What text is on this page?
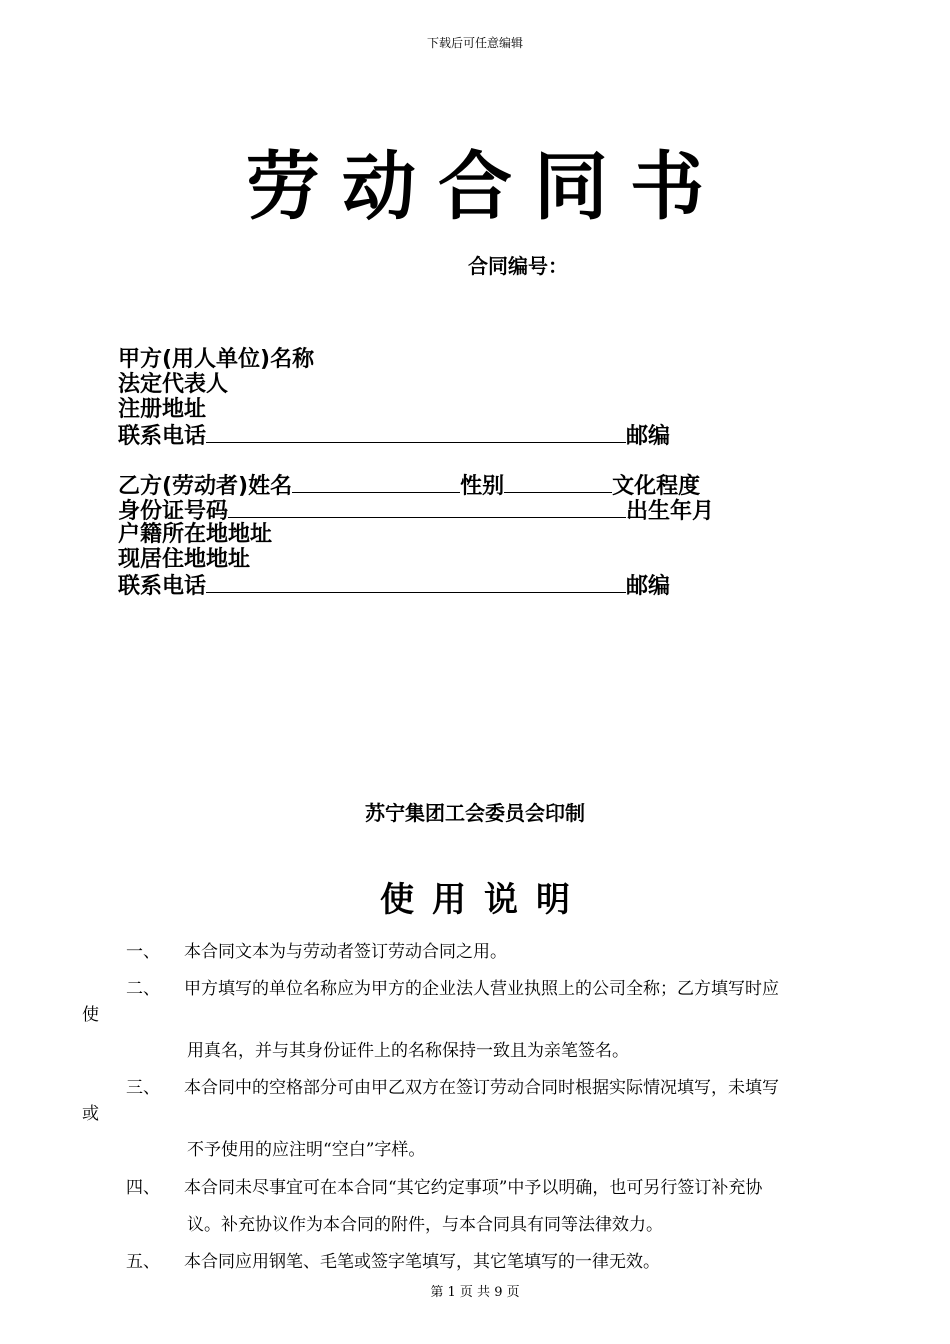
下载后可任意编辑
劳动合同书
合同编号：
甲方(用人单位)名称
法定代表人
注册地址
联系电话	邮编
乙方(劳动者)姓名	性别	文化程度
身份证号码	出生年月
户籍所在地地址
现居住地地址
联系电话	邮编
苏宁集团工会委员会印制
使用说明
一、 本合同文本为与劳动者签订劳动合同之用。
二、 甲方填写的单位名称应为甲方的企业法人营业执照上的公司全称；乙方填写时应
使
用真名，并与其身份证件上的名称保持一致且为亲笔签名。
三、 本合同中的空格部分可由甲乙双方在签订劳动合同时根据实际情况填写，未填写
或
不予使用的应注明“空白”字样。
四、 本合同未尽事宜可在本合同“其它约定事项”中予以明确，也可另行签订补充协
议。补充协议作为本合同的附件，与本合同具有同等法律效力。
五、 本合同应用钢笔、毛笔或签字笔填写，其它笔填写的一律无效。
第 1 页 共 9 页
